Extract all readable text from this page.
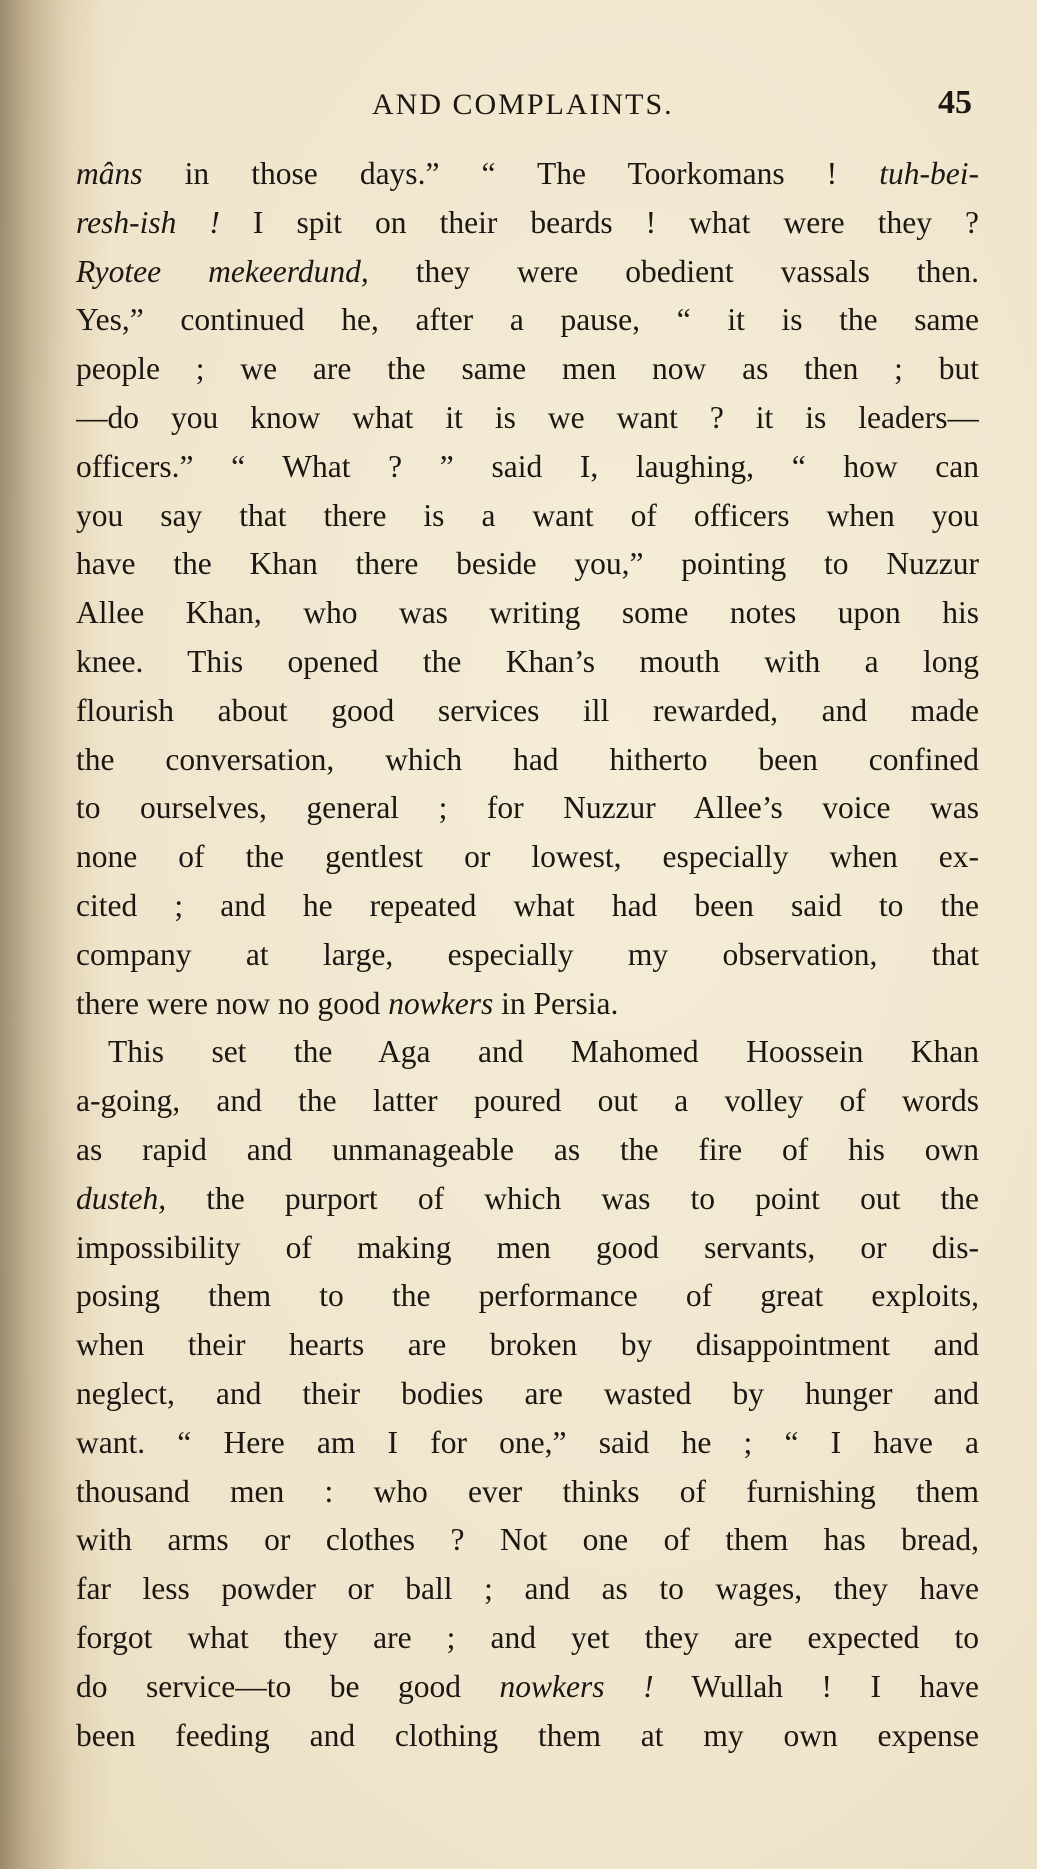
AND COMPLAINTS.	45
mâns in those days.” “ The Toorkomans ! tuh-bei-
resh-ish ! I spit on their beards ! what were they ?
Ryotee mekeerdund, they were obedient vassals then.
Yes,” continued he, after a pause, “ it is the same
people ; we are the same men now as then ; but
—do you know what it is we want ? it is leaders—
officers.” “ What ? ” said I, laughing, “ how can
you say that there is a want of officers when you
have the Khan there beside you,” pointing to Nuzzur
Allee Khan, who was writing some notes upon his
knee. This opened the Khan’s mouth with a long
flourish about good services ill rewarded, and made
the conversation, which had hitherto been confined
to ourselves, general ; for Nuzzur Allee’s voice was
none of the gentlest or lowest, especially when ex-
cited ; and he repeated what had been said to the
company at large, especially my observation, that
there were now no good nowkers in Persia.
This set the Aga and Mahomed Hoossein Khan
a-going, and the latter poured out a volley of words
as rapid and unmanageable as the fire of his own
dusteh, the purport of which was to point out the
impossibility of making men good servants, or dis-
posing them to the performance of great exploits,
when their hearts are broken by disappointment and
neglect, and their bodies are wasted by hunger and
want. “ Here am I for one,” said he ; “ I have a
thousand men : who ever thinks of furnishing them
with arms or clothes ? Not one of them has bread,
far less powder or ball ; and as to wages, they have
forgot what they are ; and yet they are expected to
do service—to be good nowkers ! Wullah ! I have
been feeding and clothing them at my own expense
